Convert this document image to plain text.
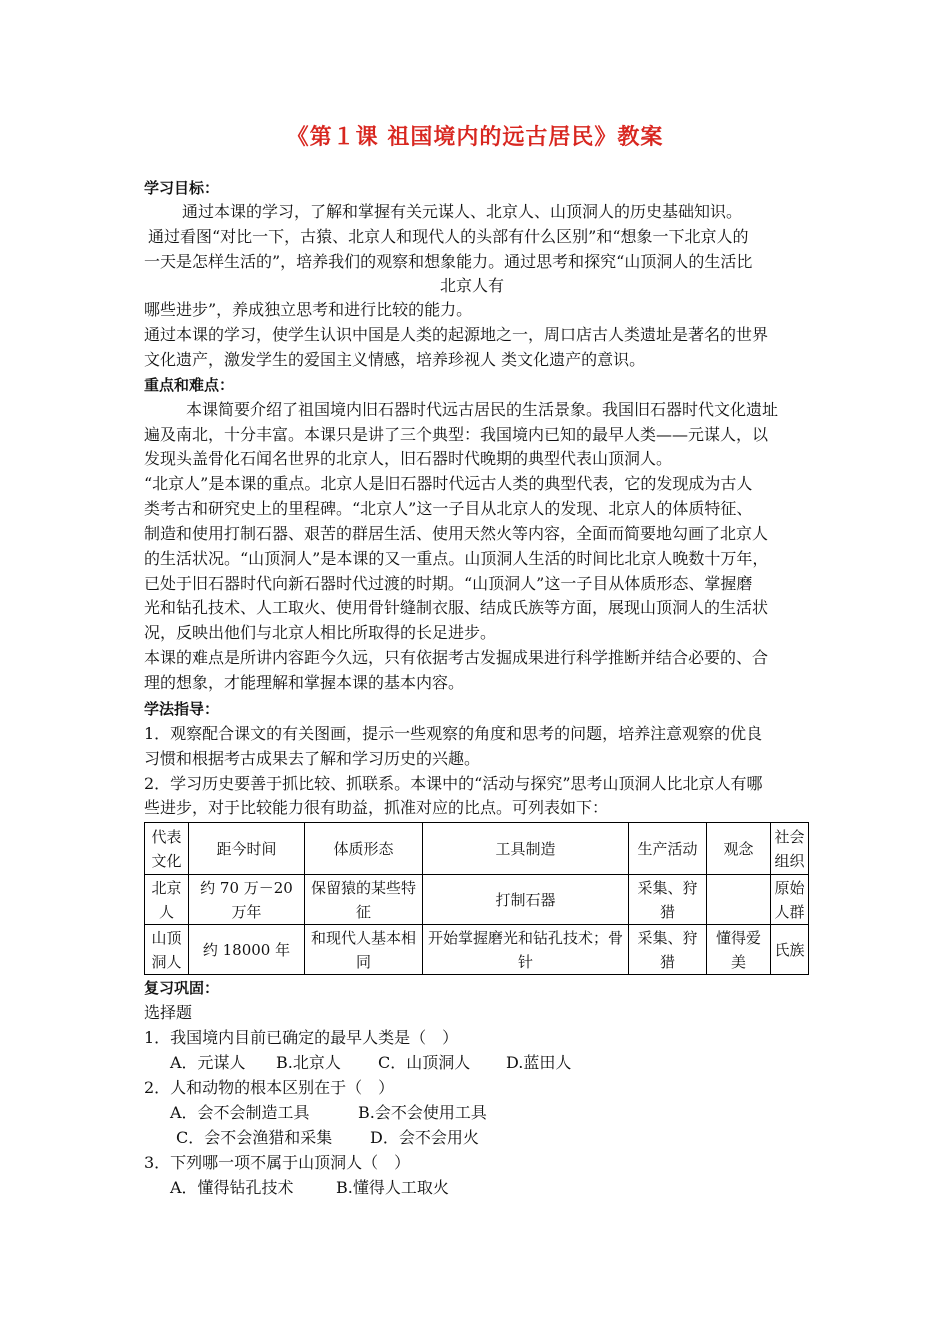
《第１课 祖国境内的远古居民》教案
学习目标：
通过本课的学习，了解和掌握有关元谋人、北京人、山顶洞人的历史基础知识。
通过看图“对比一下，古猿、北京人和现代人的头部有什么区别”和“想象一下北京人的
一天是怎样生活的”，培养我们的观察和想象能力。通过思考和探究“山顶洞人的生活比
北京人有
哪些进步”，养成独立思考和进行比较的能力。
通过本课的学习，使学生认识中国是人类的起源地之一，周口店古人类遗址是著名的世界
文化遗产，激发学生的爱国主义情感，培养珍视人 类文化遗产的意识。
重点和难点：
本课简要介绍了祖国境内旧石器时代远古居民的生活景象。我国旧石器时代文化遗址
遍及南北，十分丰富。本课只是讲了三个典型：我国境内已知的最早人类——元谋人，以
发现头盖骨化石闻名世界的北京人，旧石器时代晚期的典型代表山顶洞人。
“北京人”是本课的重点。北京人是旧石器时代远古人类的典型代表，它的发现成为古人
类考古和研究史上的里程碑。“北京人”这一子目从北京人的发现、北京人的体质特征、
制造和使用打制石器、艰苦的群居生活、使用天然火等内容，全面而简要地勾画了北京人
的生活状况。“山顶洞人”是本课的又一重点。山顶洞人生活的时间比北京人晚数十万年，
已处于旧石器时代向新石器时代过渡的时期。“山顶洞人”这一子目从体质形态、掌握磨
光和钻孔技术、人工取火、使用骨针缝制衣服、结成氏族等方面，展现山顶洞人的生活状
况，反映出他们与北京人相比所取得的长足进步。
本课的难点是所讲内容距今久远，只有依据考古发掘成果进行科学推断并结合必要的、合
理的想象，才能理解和掌握本课的基本内容。
学法指导：
1．观察配合课文的有关图画，提示一些观察的角度和思考的问题，培养注意观察的优良
习惯和根据考古成果去了解和学习历史的兴趣。
2．学习历史要善于抓比较、抓联系。本课中的“活动与探究”思考山顶洞人比北京人有哪
些进步，对于比较能力很有助益，抓准对应的比点。可列表如下：
代表文化	距今时间	体质形态	工具制造	生产活动	观念	社会组织
北京人	约 70 万－20 万年	保留猿的某些特征	打制石器	采集、狩猎		原始人群
山顶洞人	约 18000 年	和现代人基本相同	开始掌握磨光和钻孔技术；骨针	采集、狩猎	懂得爱美	氏族
复习巩固：
选择题
1．我国境内目前已确定的最早人类是（　）
A．元谋人 B.北京人 C．山顶洞人 D.蓝田人
2．人和动物的根本区别在于（　）
A．会不会制造工具	B.会不会使用工具
C．会不会渔猎和采集 D．会不会用火
3．下列哪一项不属于山顶洞人（　）
A．懂得钻孔技术	B.懂得人工取火
